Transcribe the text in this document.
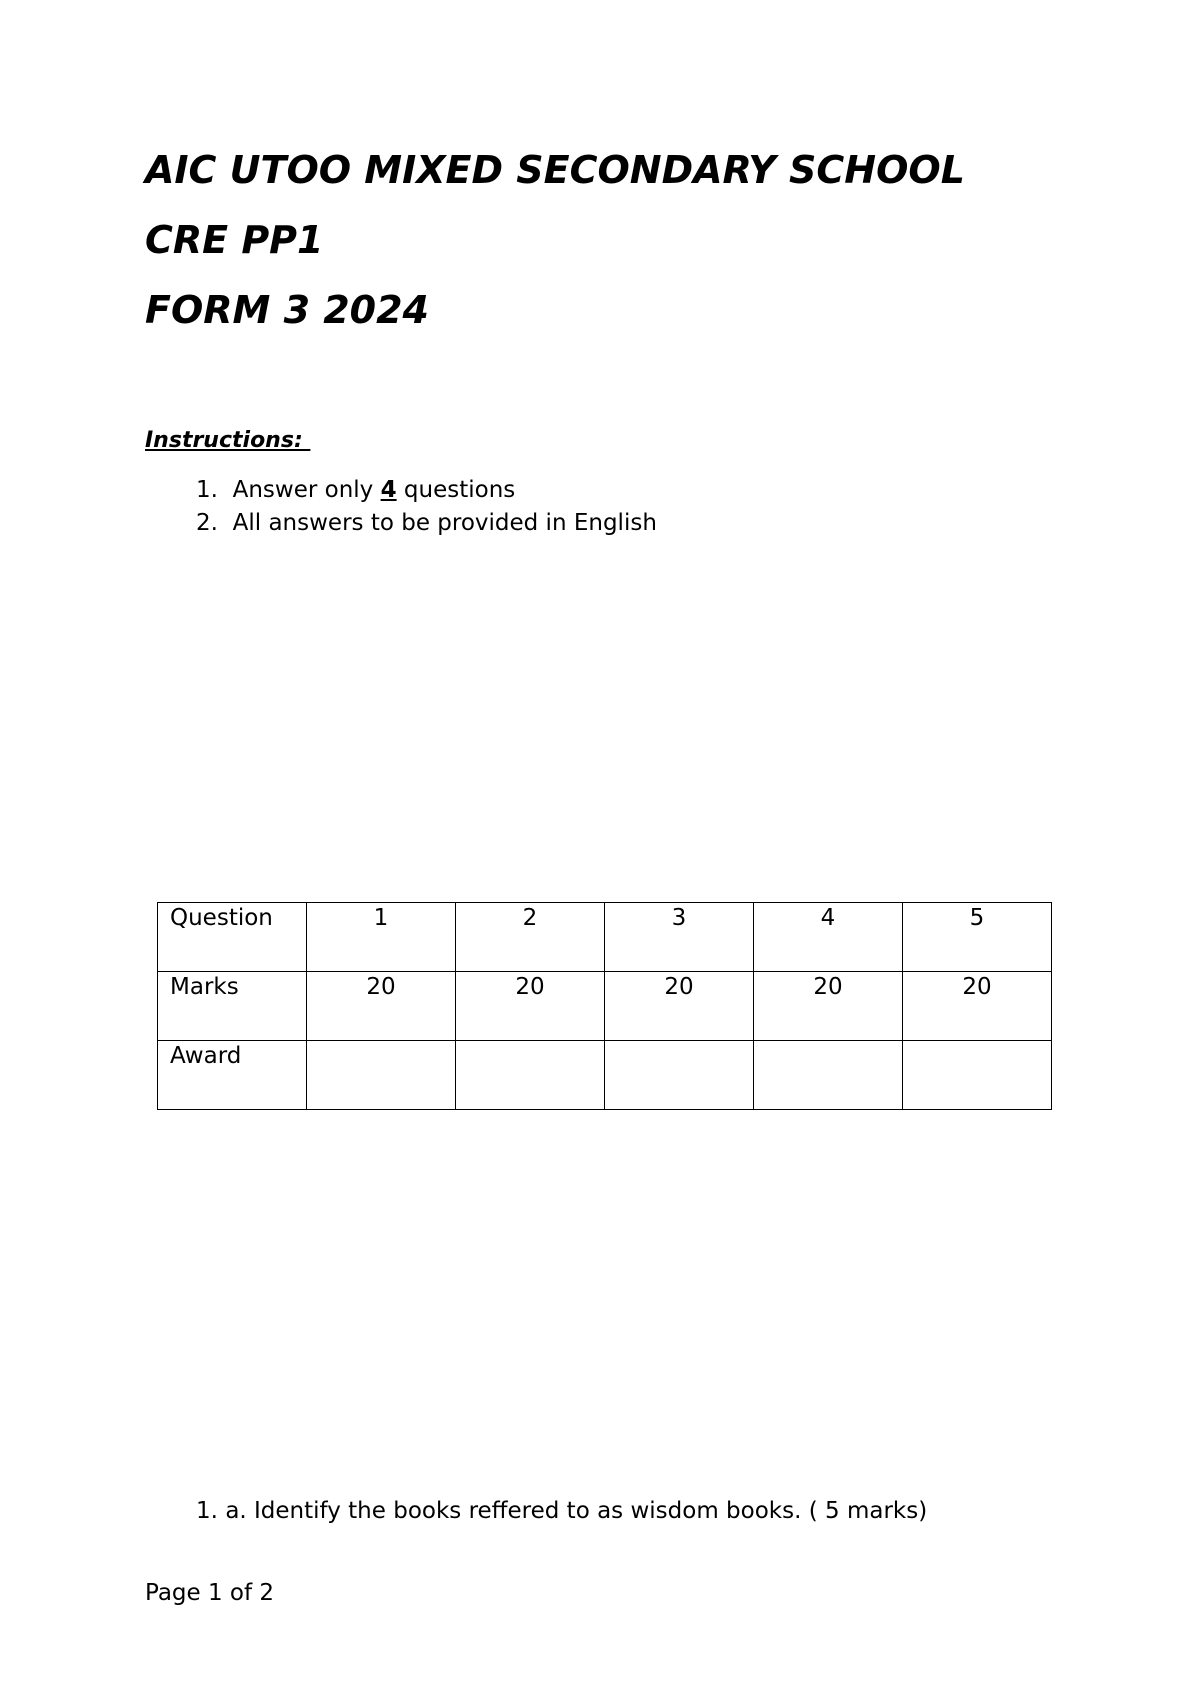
AIC UTOO MIXED SECONDARY SCHOOL
CRE PP1
FORM 3 2024
Instructions:
1. Answer only 4 questions
2. All answers to be provided in English
Question	1	2	3	4	5

Marks	20	20	20	20	20

Award					

1. a. Identify the books reffered to as wisdom books. ( 5 marks)
Page 1 of 2
